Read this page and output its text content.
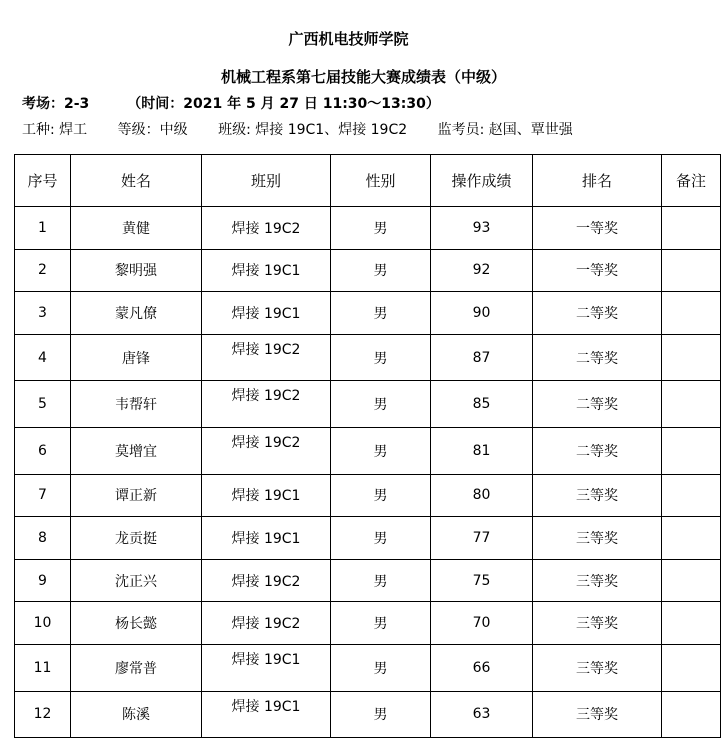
广西机电技师学院
机械工程系第七届技能大赛成绩表（中级）
考场：2-3	（时间：2021 年 5 月 27 日 11:30～13:30）
工种: 焊工 等级：中级 班级: 焊接 19C1、焊接 19C2 监考员: 赵国、覃世强
序号	姓名	班别	性别	操作成绩	排名	备注
1	黄健	焊接 19C2	男	93	一等奖	
2	黎明强	焊接 19C1	男	92	一等奖	
3	蒙凡僚	焊接 19C1	男	90	二等奖	
4	唐锋	焊接 19C2	男	87	二等奖	
5	韦帮轩	焊接 19C2	男	85	二等奖	
6	莫增宜	焊接 19C2	男	81	二等奖	
7	谭正新	焊接 19C1	男	80	三等奖	
8	龙贡挺	焊接 19C1	男	77	三等奖	
9	沈正兴	焊接 19C2	男	75	三等奖	
10	杨长懿	焊接 19C2	男	70	三等奖	
11	廖常普	焊接 19C1	男	66	三等奖	
12	陈溪	焊接 19C1	男	63	三等奖	
